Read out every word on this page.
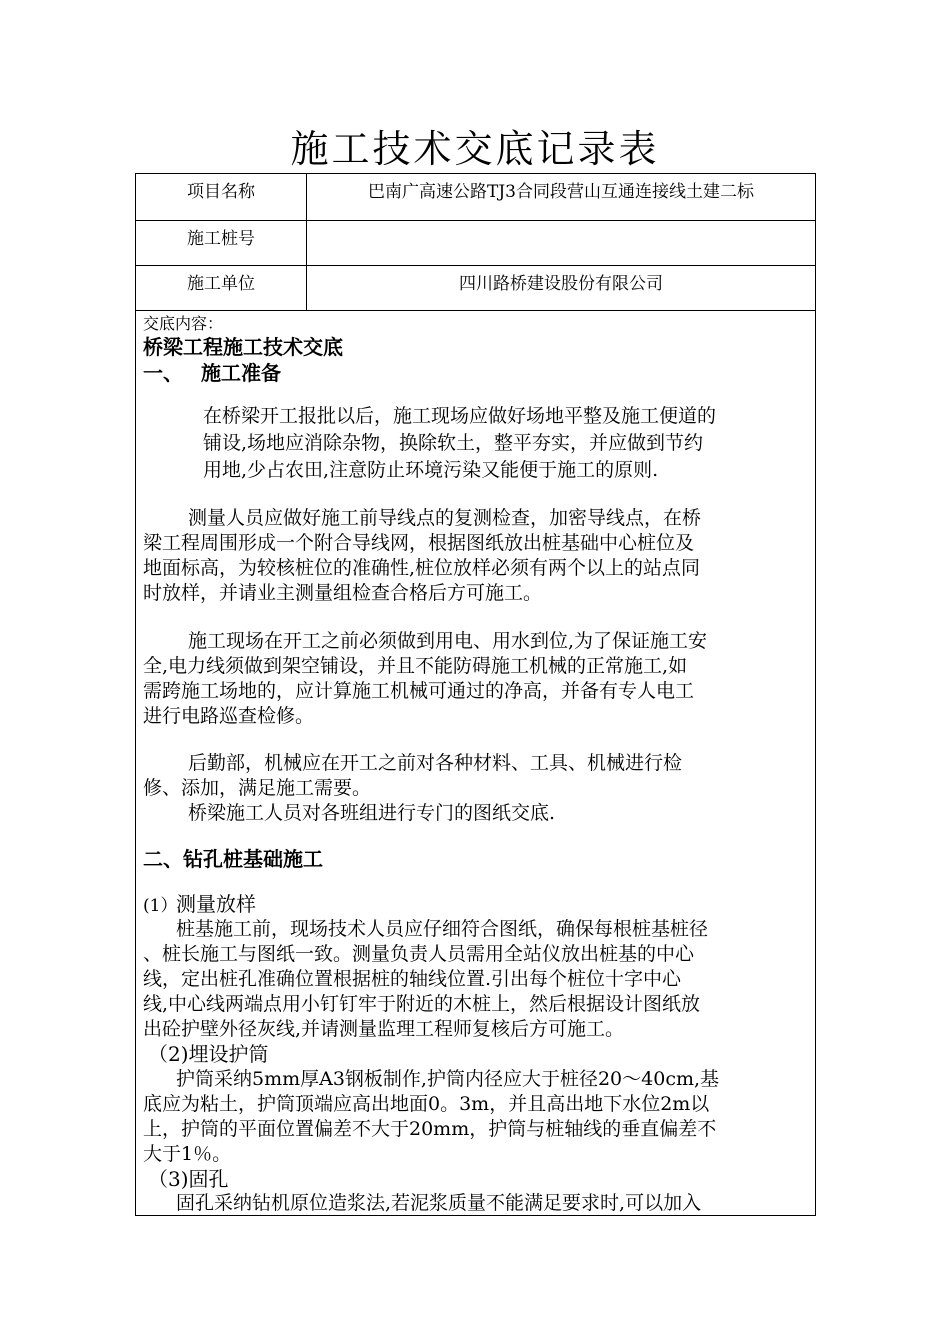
施工技术交底记录表
项目名称	巴南广高速公路TJ3合同段营山互通连接线土建二标
施工桩号
施工单位	四川路桥建设股份有限公司
交底内容：
桥梁工程施工技术交底
一、 施工准备
在桥梁开工报批以后，施工现场应做好场地平整及施工便道的
铺设,场地应消除杂物，换除软土，整平夯实，并应做到节约
用地,少占农田,注意防止环境污染又能便于施工的原则.
测量人员应做好施工前导线点的复测检查，加密导线点，在桥
梁工程周围形成一个附合导线网，根据图纸放出桩基础中心桩位及
地面标高，为较核桩位的准确性,桩位放样必须有两个以上的站点同
时放样，并请业主测量组检查合格后方可施工。
施工现场在开工之前必须做到用电、用水到位,为了保证施工安
全,电力线须做到架空铺设，并且不能防碍施工机械的正常施工,如
需跨施工场地的，应计算施工机械可通过的净高，并备有专人电工
进行电路巡查检修。
后勤部，机械应在开工之前对各种材料、工具、机械进行检
修、添加，满足施工需要。
桥梁施工人员对各班组进行专门的图纸交底.
二、钻孔桩基础施工
(1）
测量放样
桩基施工前，现场技术人员应仔细符合图纸，确保每根桩基桩径
、桩长施工与图纸一致。测量负责人员需用全站仪放出桩基的中心
线，定出桩孔准确位置根据桩的轴线位置.引出每个桩位十字中心
线,中心线两端点用小钉钉牢于附近的木桩上，然后根据设计图纸放
出砼护壁外径灰线,并请测量监理工程师复核后方可施工。
（2)埋设护筒
护筒采纳5mm厚A3钢板制作,护筒内径应大于桩径20～40cm,基
底应为粘土，护筒顶端应高出地面0。3m，并且高出地下水位2m以
上，护筒的平面位置偏差不大于20mm，护筒与桩轴线的垂直偏差不
大于1％。
（3)固孔
固孔采纳钻机原位造浆法,若泥浆质量不能满足要求时,可以加入
